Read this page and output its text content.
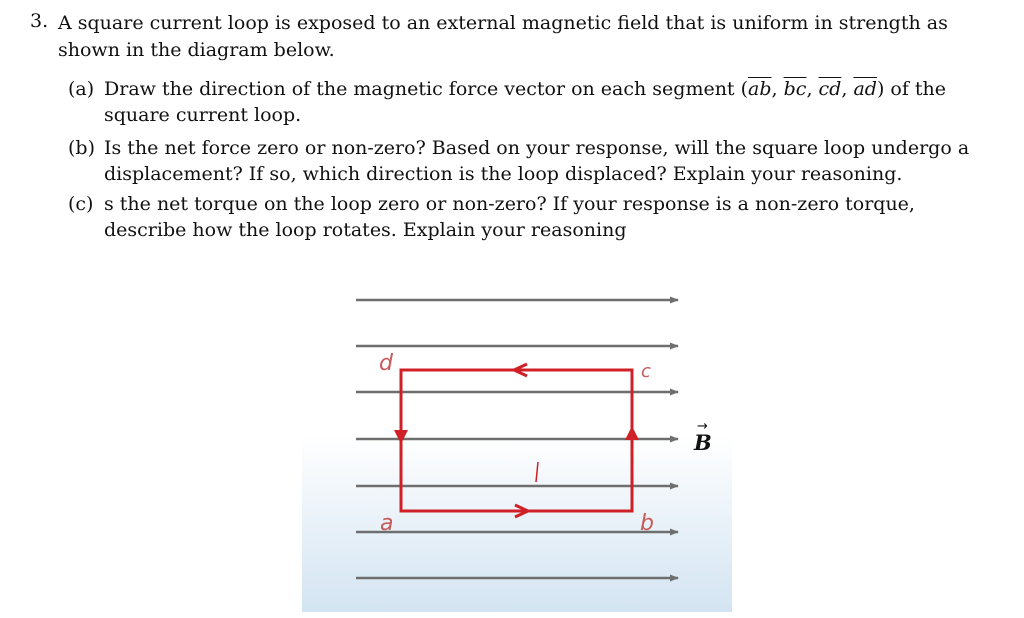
3. A square current loop is exposed to an external magnetic field that is uniform in strength as shown in the diagram below.
(a) Draw the direction of the magnetic force vector on each segment ($\overline{ab}$, $\overline{bc}$, $\overline{cd}$, $\overline{ad}$) of the square current loop.
(b) Is the net force zero or non-zero? Based on your response, will the square loop undergo a displacement? If so, which direction is the loop displaced? Explain your reasoning.
(c) s the net torque on the loop zero or non-zero? If your response is a non-zero torque, describe how the loop rotates. Explain your reasoning
d	c
a	b
I
B
→
